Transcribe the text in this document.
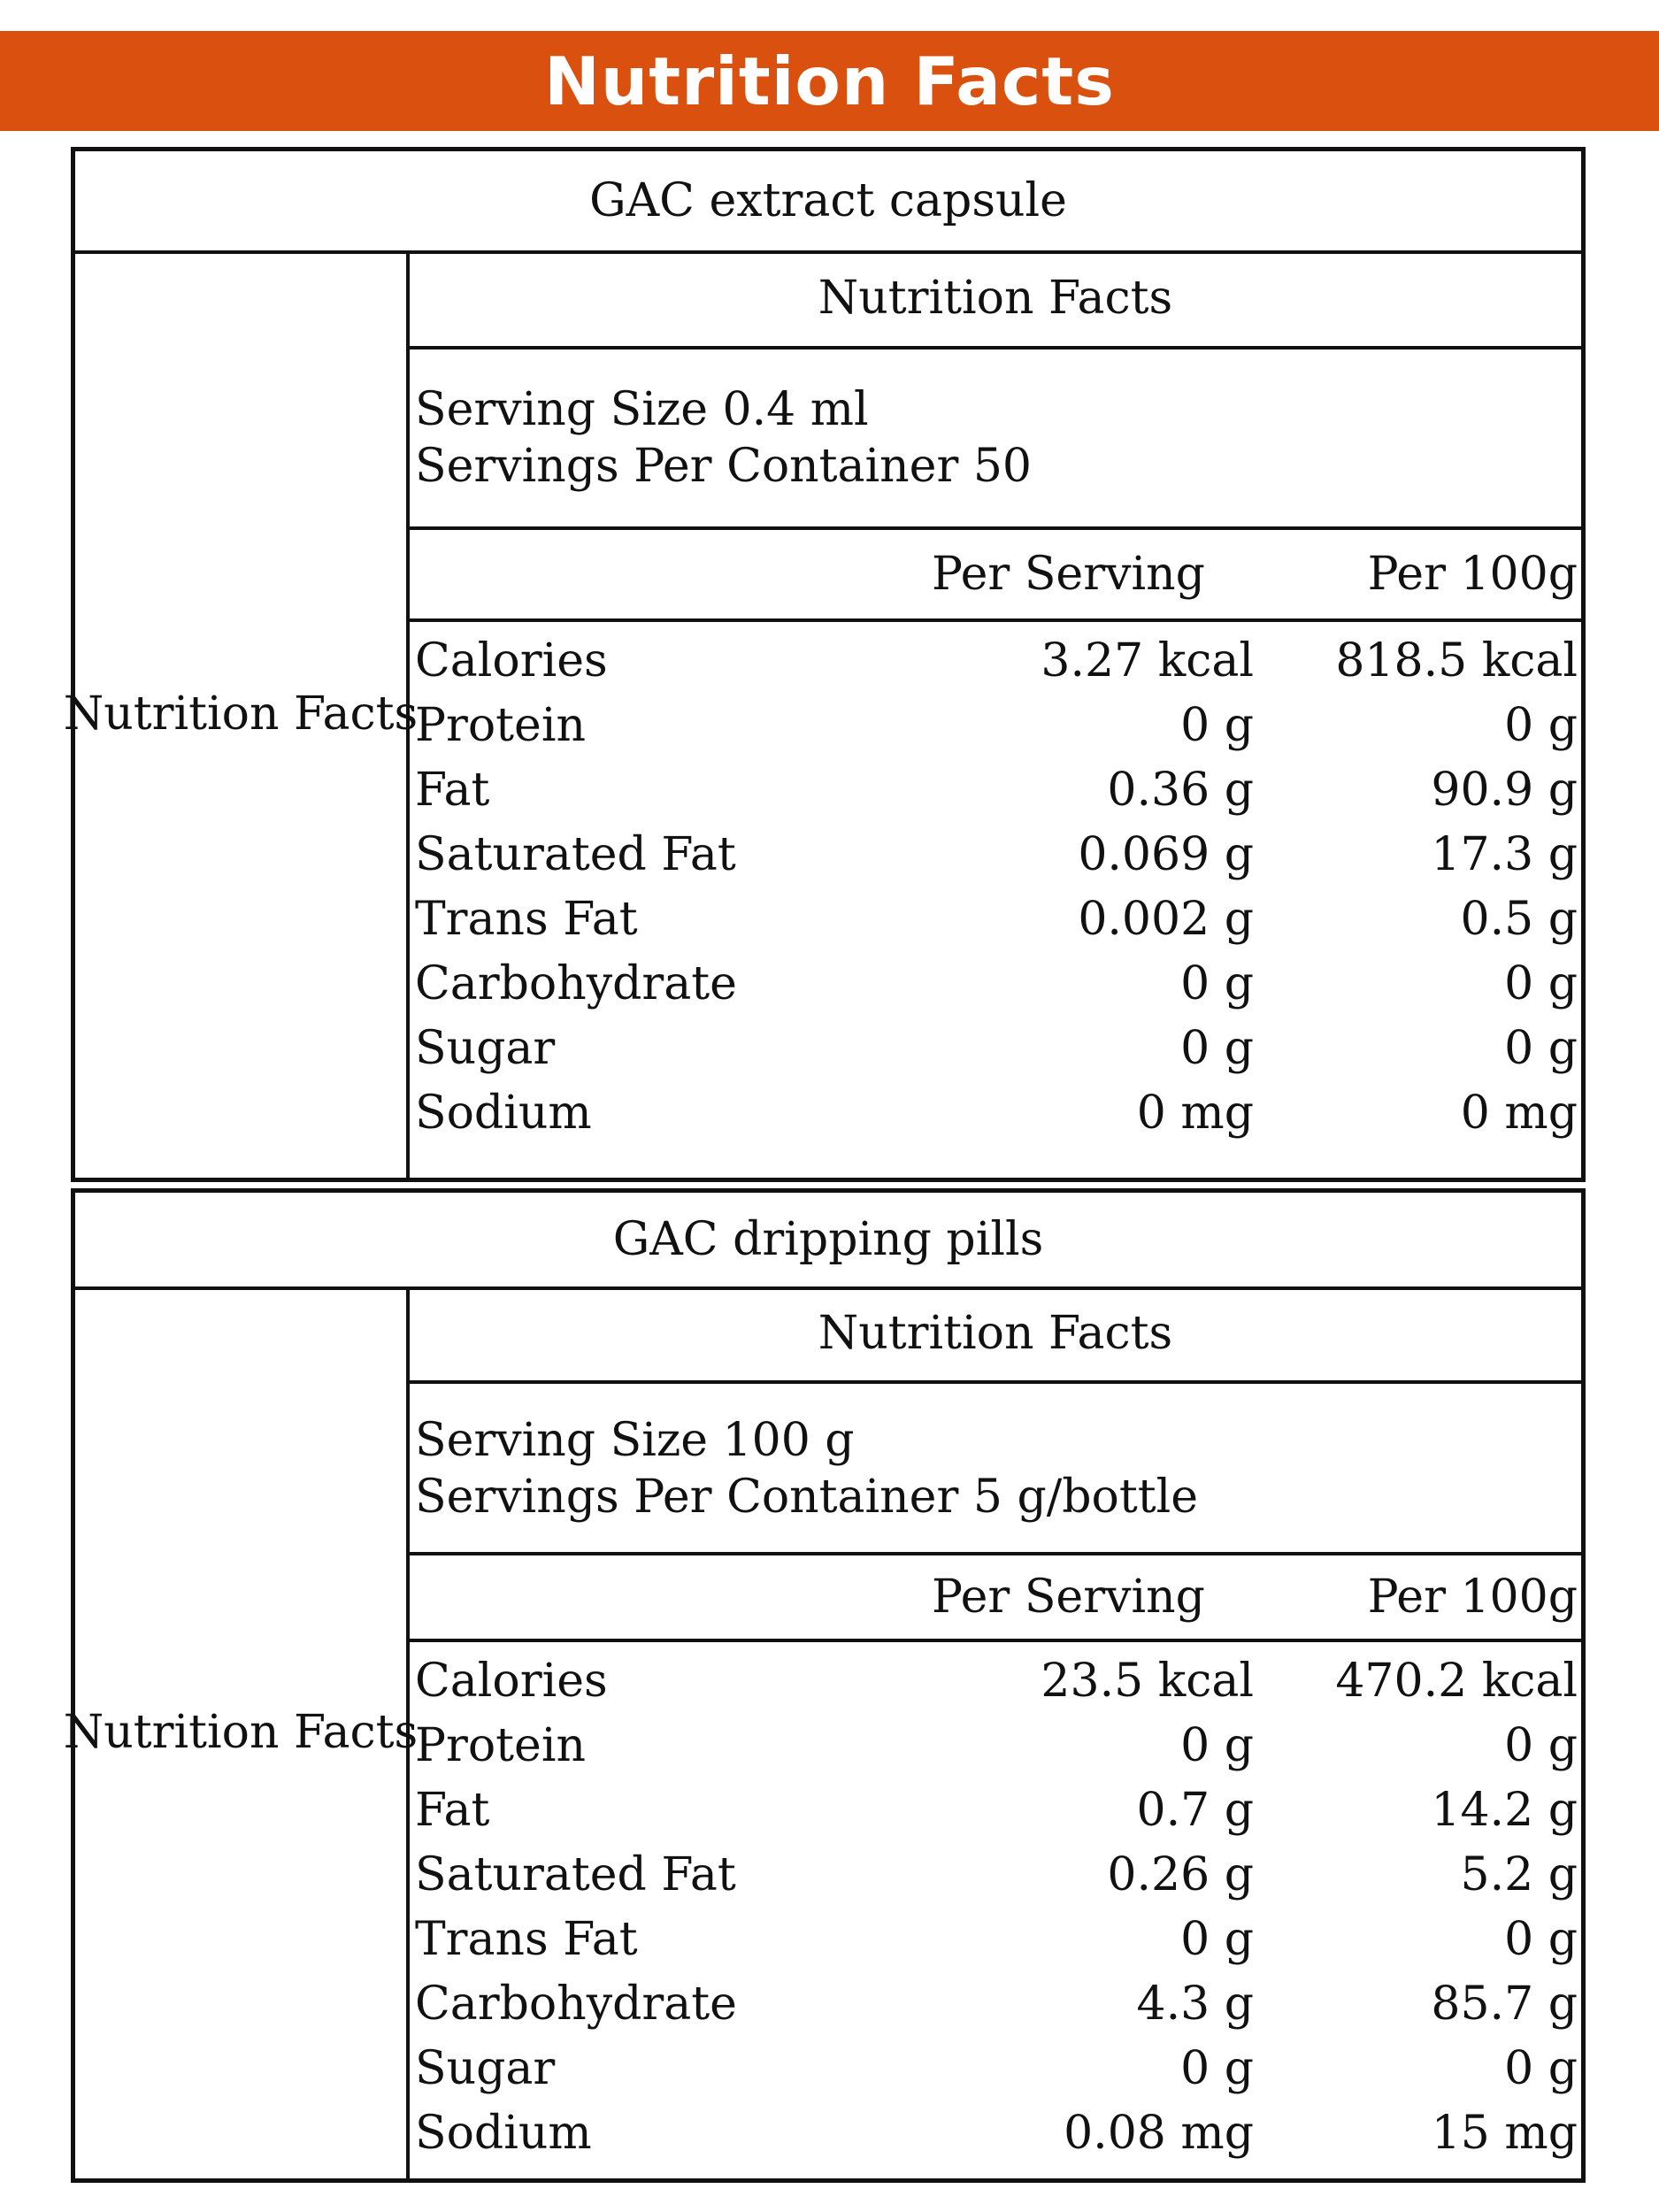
Nutrition Facts
GAC extract capsule
Nutrition Facts
Nutrition Facts
Serving Size 0.4 ml
Servings Per Container 50
Per Serving	Per 100g
Calories	3.27 kcal 818.5 kcal
Protein	0 g	0 g
Fat	0.36 g	90.9 g
Saturated Fat	0.069 g	17.3 g
Trans Fat	0.002 g	0.5 g
Carbohydrate	0 g	0 g
Sugar	0 g	0 g
Sodium	0 mg	0 mg
GAC dripping pills
Nutrition Facts
Nutrition Facts
Serving Size 100 g
Servings Per Container 5 g/bottle
Per Serving	Per 100g
Calories	23.5 kcal 470.2 kcal
Protein	0 g	0 g
Fat	0.7 g	14.2 g
Saturated Fat	0.26 g	5.2 g
Trans Fat	0 g	0 g
Carbohydrate	4.3 g	85.7 g
Sugar	0 g	0 g
Sodium	0.08 mg	15 mg
